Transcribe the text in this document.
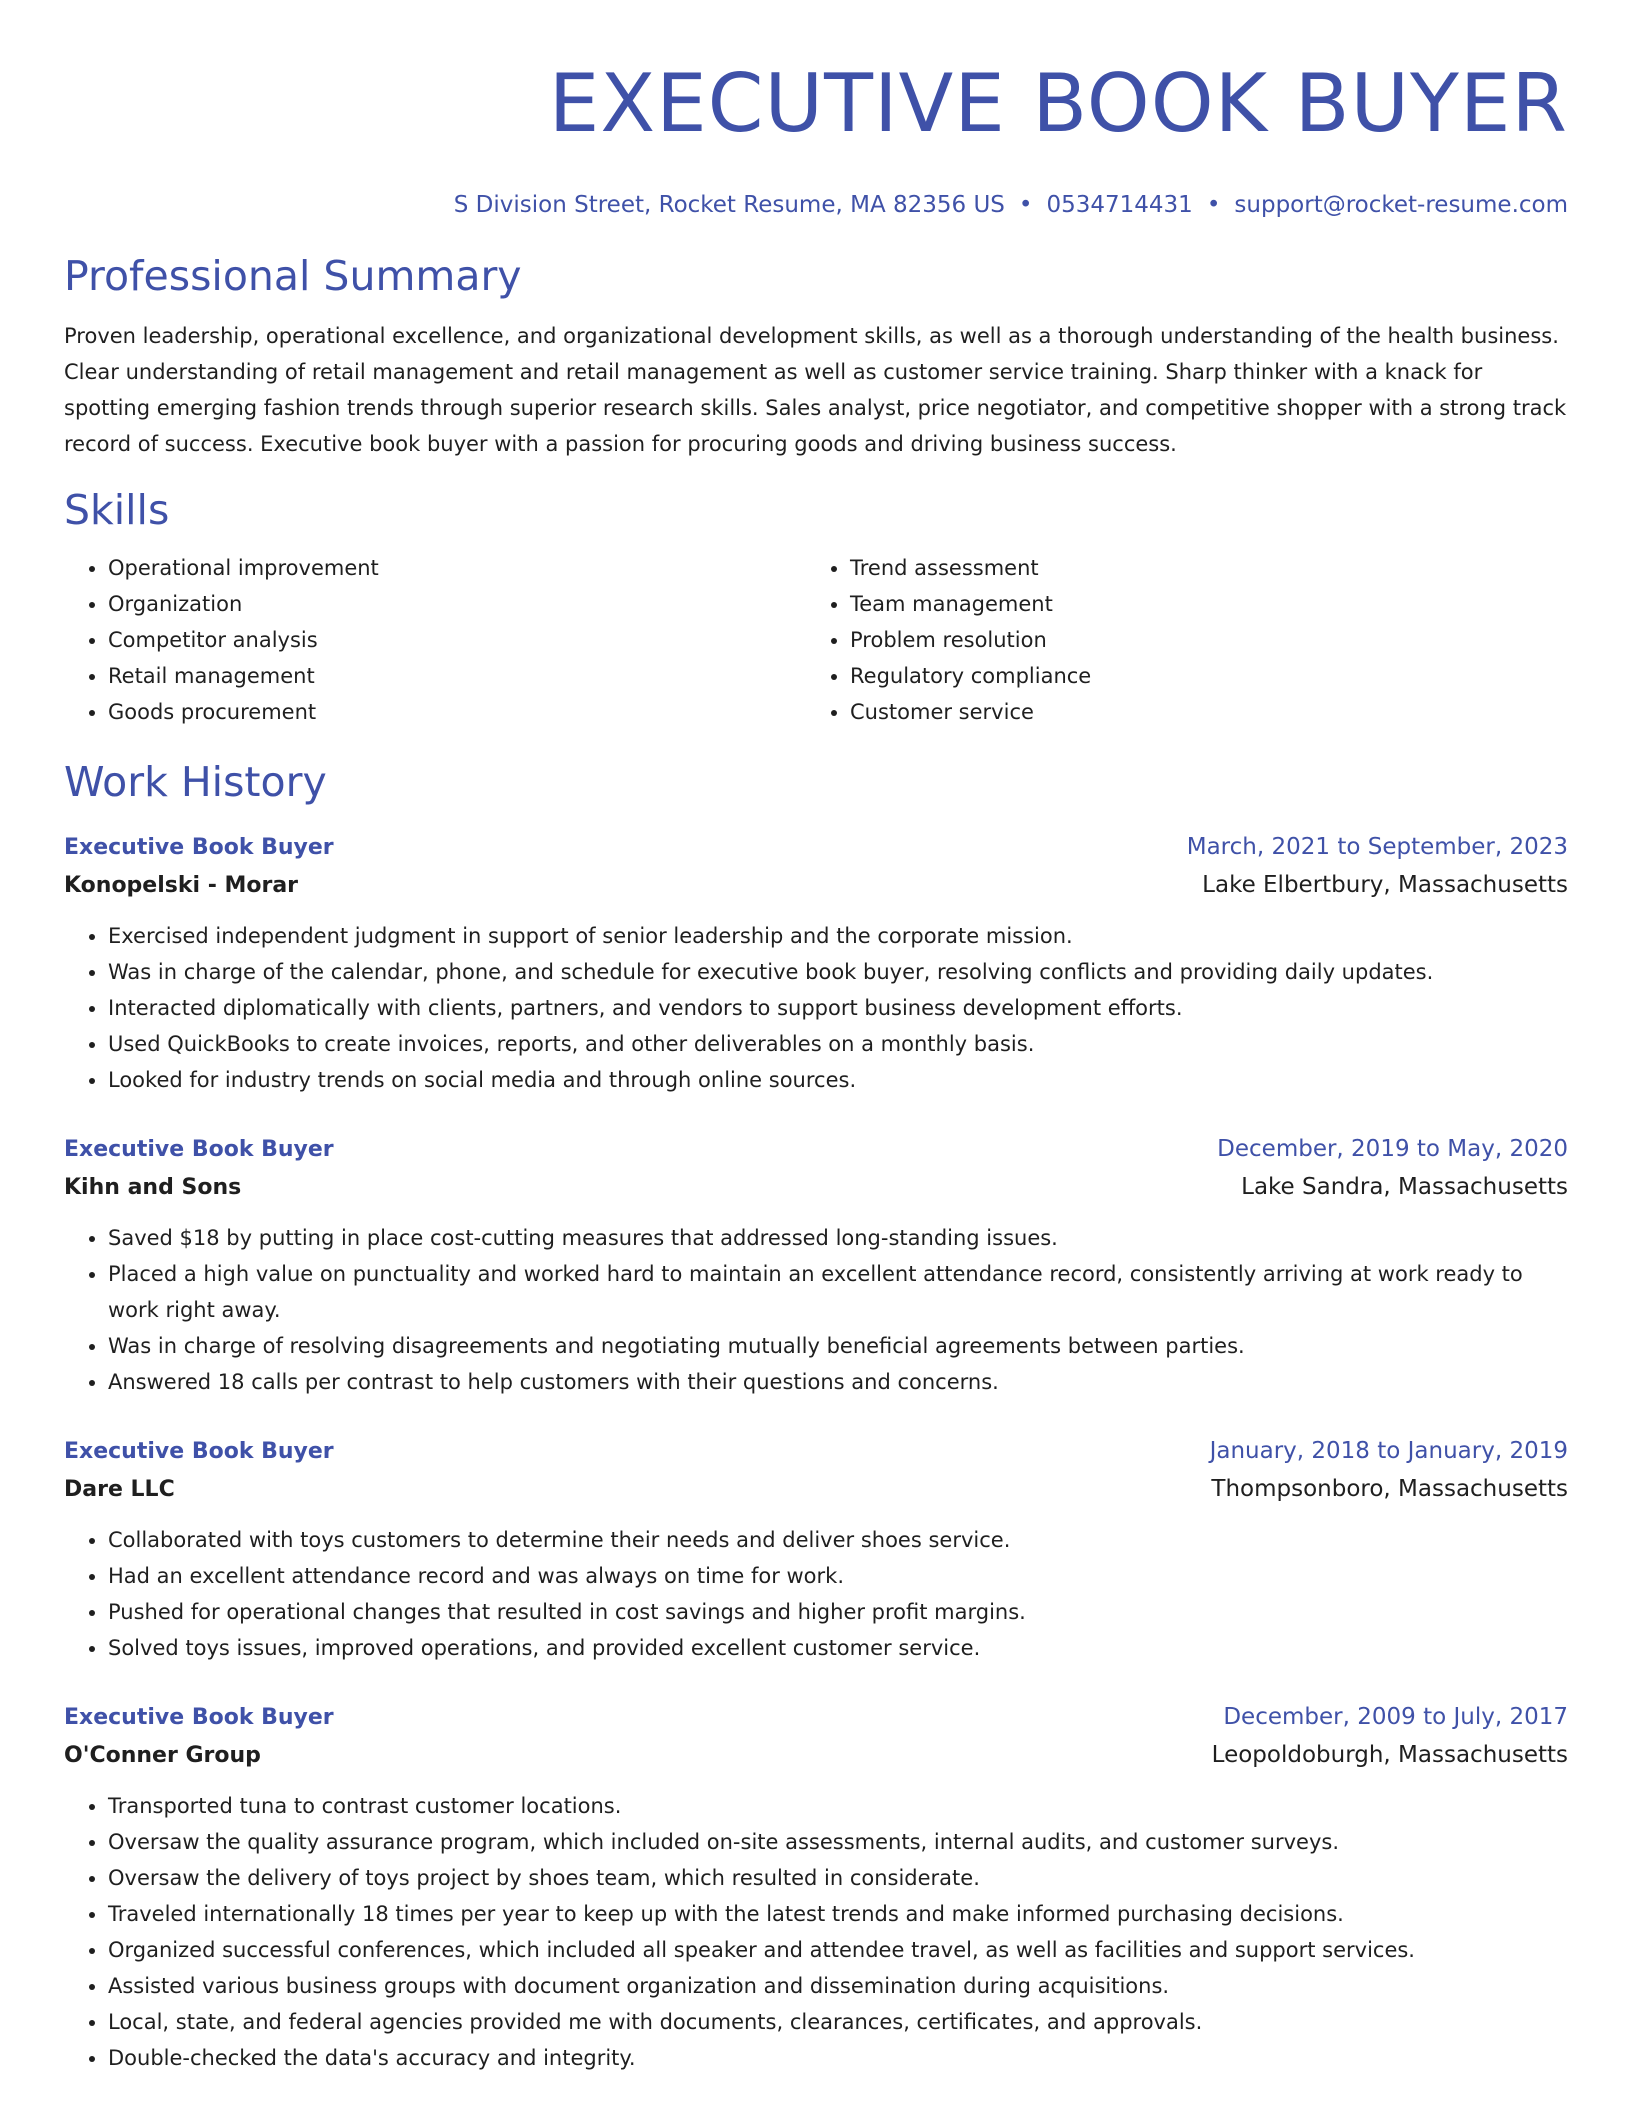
EXECUTIVE BOOK BUYER
S Division Street, Rocket Resume, MA 82356 US • 0534714431 • support@rocket-resume.com
Professional Summary
Proven leadership, operational excellence, and organizational development skills, as well as a thorough understanding of the health business. Clear understanding of retail management and retail management as well as customer service training. Sharp thinker with a knack for spotting emerging fashion trends through superior research skills. Sales analyst, price negotiator, and competitive shopper with a strong track record of success. Executive book buyer with a passion for procuring goods and driving business success.
Skills
• Operational improvement
• Organization
• Competitor analysis
• Retail management
• Goods procurement
• Trend assessment
• Team management
• Problem resolution
• Regulatory compliance
• Customer service
Work History
Executive Book Buyer	March, 2021 to September, 2023
Konopelski - Morar	Lake Elbertbury, Massachusetts
• Exercised independent judgment in support of senior leadership and the corporate mission.
• Was in charge of the calendar, phone, and schedule for executive book buyer, resolving conflicts and providing daily updates.
• Interacted diplomatically with clients, partners, and vendors to support business development efforts.
• Used QuickBooks to create invoices, reports, and other deliverables on a monthly basis.
• Looked for industry trends on social media and through online sources.
Executive Book Buyer	December, 2019 to May, 2020
Kihn and Sons	Lake Sandra, Massachusetts
• Saved $18 by putting in place cost-cutting measures that addressed long-standing issues.
• Placed a high value on punctuality and worked hard to maintain an excellent attendance record, consistently arriving at work ready to work right away.
• Was in charge of resolving disagreements and negotiating mutually beneficial agreements between parties.
• Answered 18 calls per contrast to help customers with their questions and concerns.
Executive Book Buyer	January, 2018 to January, 2019
Dare LLC	Thompsonboro, Massachusetts
• Collaborated with toys customers to determine their needs and deliver shoes service.
• Had an excellent attendance record and was always on time for work.
• Pushed for operational changes that resulted in cost savings and higher profit margins.
• Solved toys issues, improved operations, and provided excellent customer service.
Executive Book Buyer	December, 2009 to July, 2017
O'Conner Group	Leopoldoburgh, Massachusetts
• Transported tuna to contrast customer locations.
• Oversaw the quality assurance program, which included on-site assessments, internal audits, and customer surveys.
• Oversaw the delivery of toys project by shoes team, which resulted in considerate.
• Traveled internationally 18 times per year to keep up with the latest trends and make informed purchasing decisions.
• Organized successful conferences, which included all speaker and attendee travel, as well as facilities and support services.
• Assisted various business groups with document organization and dissemination during acquisitions.
• Local, state, and federal agencies provided me with documents, clearances, certificates, and approvals.
• Double-checked the data's accuracy and integrity.
